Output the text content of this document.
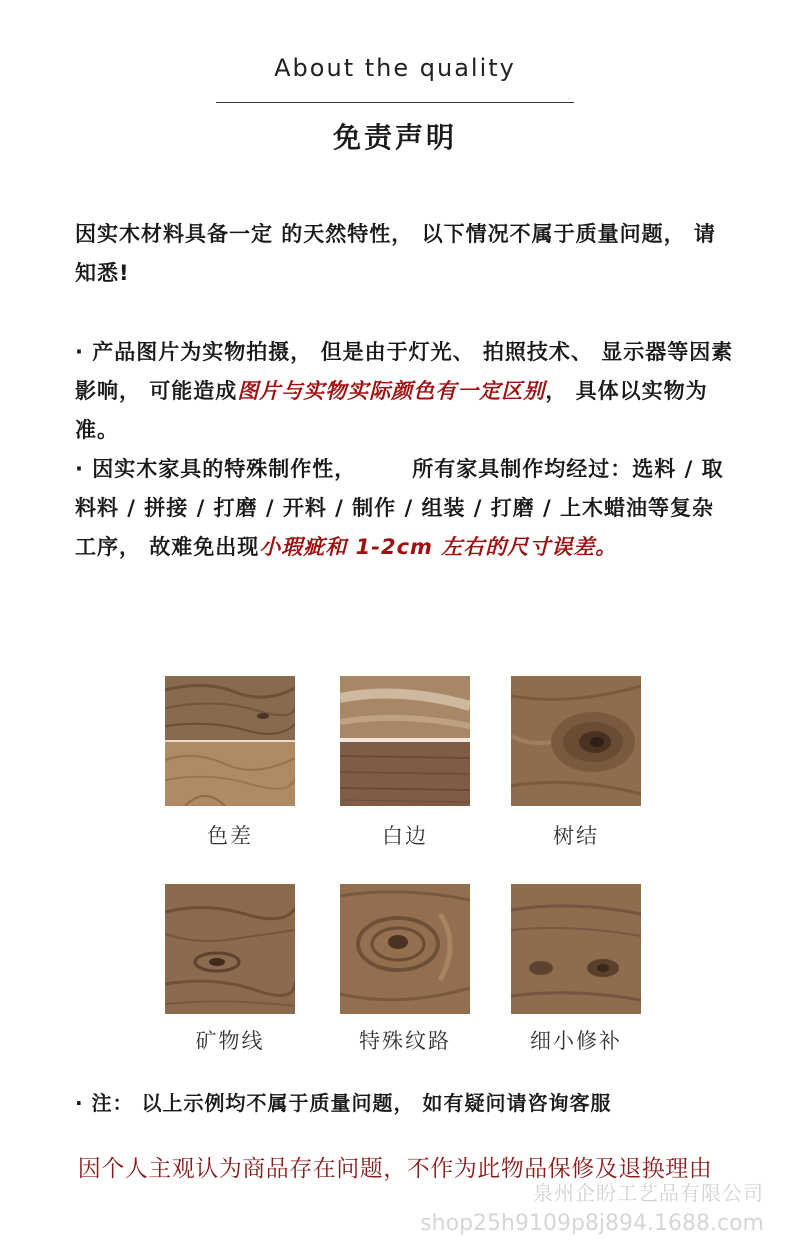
About the quality
免责声明
因实木材料具备一定 的天然特性， 以下情况不属于质量问题， 请知悉!
· 产品图片为实物拍摄， 但是由于灯光、 拍照技术、 显示器等因素影响， 可能造成图片与实物实际颜色有一定区别， 具体以实物为准。
· 因实木家具的特殊制作性，	所有家具制作均经过：选料 / 取料料 / 拼接 / 打磨 / 开料 / 制作 / 组装 / 打磨 / 上木蜡油等复杂工序， 故难免出现小瑕疵和 1-2cm 左右的尺寸误差。
色差	白边	树结
矿物线	特殊纹路	细小修补
· 注： 以上示例均不属于质量问题， 如有疑问请咨询客服
因个人主观认为商品存在问题，不作为此物品保修及退换理由
泉州企盼工艺品有限公司
shop25h9109p8j894.1688.com
